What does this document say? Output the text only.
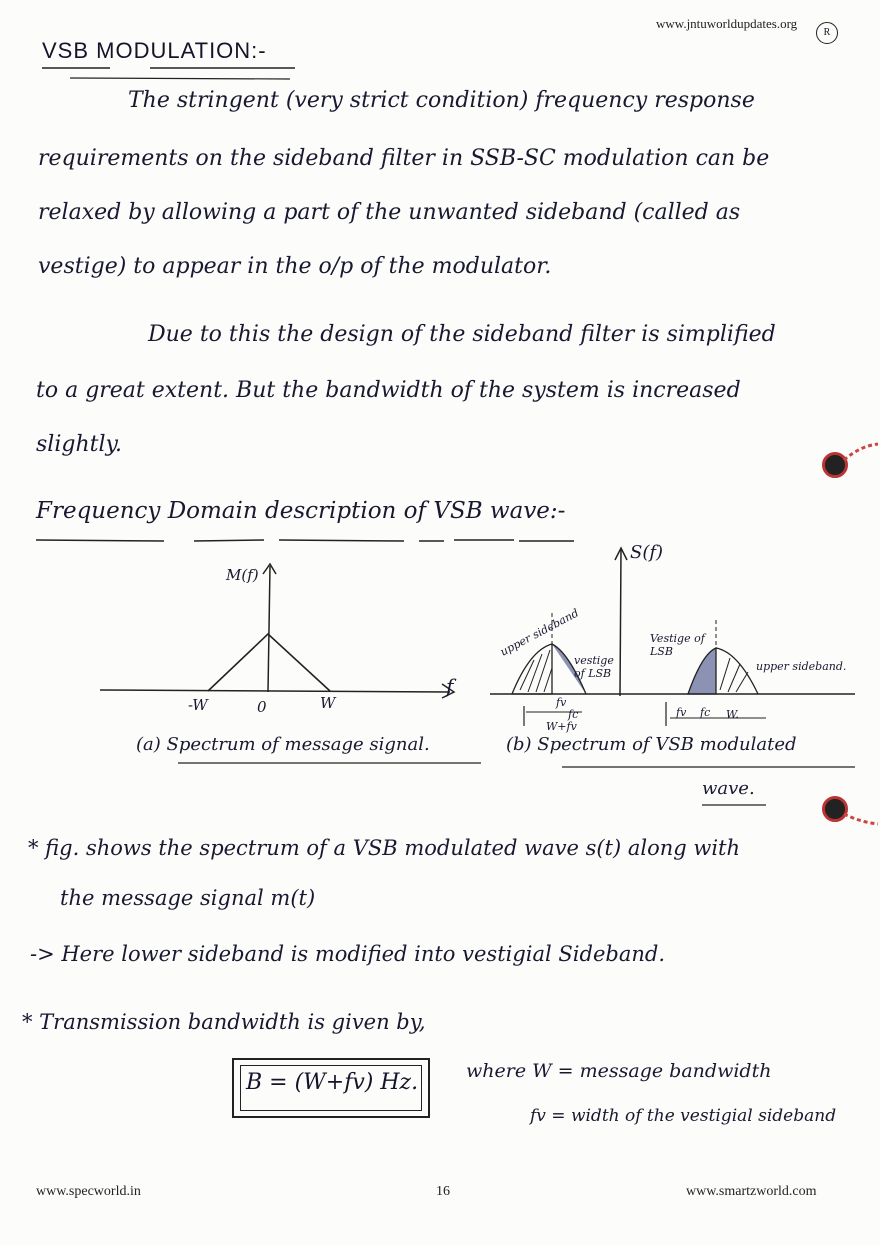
www.jntuworldupdates.org
R
VSB MODULATION:-
The stringent (very strict condition) frequency response
requirements on the sideband filter in SSB-SC modulation can be
relaxed by allowing a part of the unwanted sideband (called as
vestige) to appear in the o/p of the modulator.
Due to this the design of the sideband filter is simplified
to a great extent. But the bandwidth of the system is increased
slightly.
Frequency Domain description of VSB wave:-
M(f)
f
-W	0	W
(a) Spectrum of message signal.
S(f)
upper sideband
vestige of LSB
Vestige of LSB
upper sideband.
fv
fc
W+fv
fv fc W.
(b) Spectrum of VSB modulated
wave.
* fig. shows the spectrum of a VSB modulated wave s(t) along with
the message signal m(t)
-> Here lower sideband is modified into vestigial Sideband.
* Transmission bandwidth is given by,
B = (W+fv) Hz.	where W = message bandwidth
fv = width of the vestigial sideband
www.specworld.in	16	www.smartzworld.com
